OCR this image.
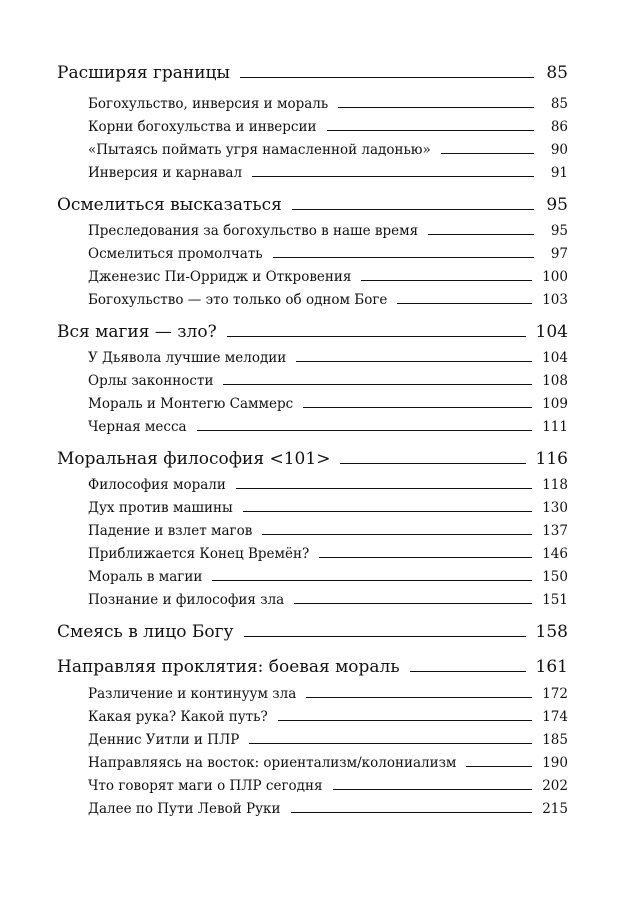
Расширяя границы	85
Богохульство, инверсия и мораль	85
Корни богохульства и инверсии	86
«Пытаясь поймать угря намасленной ладонью»	90
Инверсия и карнавал	91
Осмелиться высказаться	95
Преследования за богохульство в наше время	95
Осмелиться промолчать	97
Дженезис Пи-Орридж и Откровения	100
Богохульство — это только об одном Боге	103
Вся магия — зло?	104
У Дьявола лучшие мелодии	104
Орлы законности	108
Мораль и Монтегю Саммерс	109
Черная месса	111
Моральная философия <101>	116
Философия морали	118
Дух против машины	130
Падение и взлет магов	137
Приближается Конец Времён?	146
Мораль в магии	150
Познание и философия зла	151
Смеясь в лицо Богу	158
Направляя проклятия: боевая мораль	161
Различение и континуум зла	172
Какая рука? Какой путь?	174
Деннис Уитли и ПЛР	185
Направляясь на восток: ориентализм/колониализм	190
Что говорят маги о ПЛР сегодня	202
Далее по Пути Левой Руки	215
